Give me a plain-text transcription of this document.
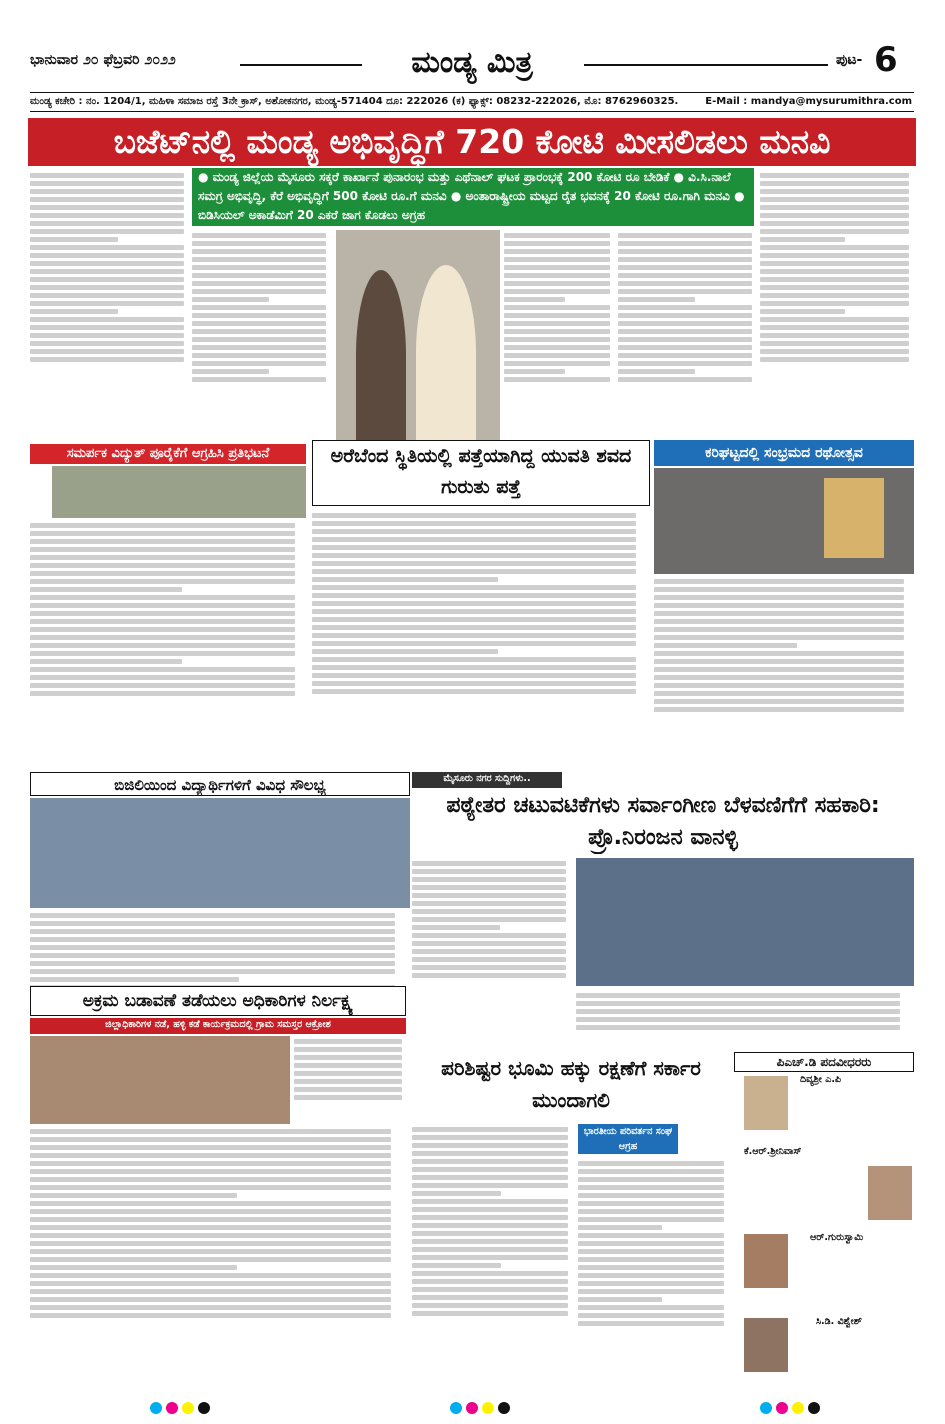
ಭಾನುವಾರ ೨೦ ಫೆಬ್ರವರಿ ೨೦೨೨	ಮಂಡ್ಯ ಮಿತ್ರ	ಪುಟ- 6
ಮಂಡ್ಯ ಕಚೇರಿ : ನಂ. 1204/1, ಮಹಿಳಾ ಸಮಾಜ ರಸ್ತೆ 3ನೇ ಕ್ರಾಸ್, ಅಶೋಕನಗರ, ಮಂಡ್ಯ-571404 ದೂ: 222026 (ಕ) ಫ್ಯಾಕ್ಸ್: 08232-222026, ಮೊ: 8762960325.	E-Mail : mandya@mysurumithra.com
ಬಜೆಟ್‌ನಲ್ಲಿ ಮಂಡ್ಯ ಅಭಿವೃದ್ಧಿಗೆ 720 ಕೋಟಿ ಮೀಸಲಿಡಲು ಮನವಿ
● ಮಂಡ್ಯ ಜಿಲ್ಲೆಯ ಮೈಸೂರು ಸಕ್ಕರೆ ಕಾರ್ಖಾನೆ ಪುನಾರಂಭ ಮತ್ತು ಎಥೆನಾಲ್ ಘಟಕ ಪ್ರಾರಂಭಕ್ಕೆ 200 ಕೋಟಿ ರೂ ಬೇಡಿಕೆ ● ವಿ.ಸಿ.ನಾಲೆ ಸಮಗ್ರ ಅಭಿವೃದ್ಧಿ, ಕೆರೆ ಅಭಿವೃದ್ಧಿಗೆ 500 ಕೋಟಿ ರೂ.ಗೆ ಮನವಿ ● ಅಂತಾರಾಷ್ಟ್ರೀಯ ಮಟ್ಟದ ರೈತ ಭವನಕ್ಕೆ 20 ಕೋಟಿ ರೂ.ಗಾಗಿ ಮನವಿ ● ಬಿಡಿಸಿಯಲ್ ಅಕಾಡೆಮಿಗೆ 20 ಎಕರೆ ಜಾಗ ಕೊಡಲು ಅಗ್ರಹ
ಸಮರ್ಪಕ ವಿದ್ಯುತ್ ಪೂರೈಕೆಗೆ ಆಗ್ರಹಿಸಿ ಪ್ರತಿಭಟನೆ	ಅರೆಬೆಂದ ಸ್ಥಿತಿಯಲ್ಲಿ ಪತ್ತೆಯಾಗಿದ್ದ ಯುವತಿ ಶವದ ಗುರುತು ಪತ್ತೆ
ಕರಿಘಟ್ಟದಲ್ಲಿ ಸಂಭ್ರಮದ ರಥೋತ್ಸವ
ಬಿಜಿಲಿಯಿಂದ ವಿದ್ಯಾರ್ಥಿಗಳಿಗೆ ವಿವಿಧ ಸೌಲಭ್ಯ	ಮೈಸೂರು ನಗರ ಸುದ್ದಿಗಳು..
ಪಠ್ಯೇತರ ಚಟುವಟಿಕೆಗಳು ಸರ್ವಾಂಗೀಣ ಬೆಳವಣಿಗೆಗೆ ಸಹಕಾರಿ: ಪ್ರೊ.ನಿರಂಜನ ವಾನಳ್ಳಿ
ಅಕ್ರಮ ಬಡಾವಣೆ ತಡೆಯಲು ಅಧಿಕಾರಿಗಳ ನಿರ್ಲಕ್ಷ್ಯ
ಜಿಲ್ಲಾಧಿಕಾರಿಗಳ ನಡೆ, ಹಳ್ಳಿ ಕಡೆ ಕಾರ್ಯಕ್ರಮದಲ್ಲಿ ಗ್ರಾಮ ಸಮಸ್ತರ ಆಕ್ರೋಶ
ಪರಿಶಿಷ್ಟರ ಭೂಮಿ ಹಕ್ಕು ರಕ್ಷಣೆಗೆ ಸರ್ಕಾರ ಮುಂದಾಗಲಿ
ಭಾರತೀಯ ಪರಿವರ್ತನ ಸಂಘ ಆಗ್ರಹ
ಪಿಎಚ್.ಡಿ ಪದವೀಧರರು
ದಿವ್ಯಶ್ರೀ ಎ.ಪಿ
ಕೆ.ಆರ್.ಶ್ರೀನಿವಾಸ್
ಆರ್.ಗುರುಸ್ವಾಮಿ
ಸಿ.ಡಿ. ವಿಶ್ವೇಶ್
